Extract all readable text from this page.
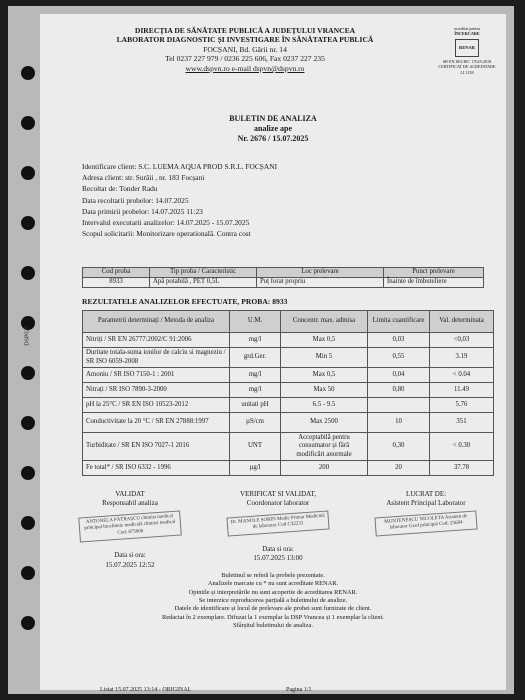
DIRECȚIA DE SĂNĂTATE PUBLICĂ A JUDEȚULUI VRANCEA
LABORATOR DIAGNOSTIC ȘI INVESTIGARE ÎN SĂNĂTATEA PUBLICĂ
FOCȘANI, Bd. Gării nr. 14
Tel 0237 227 979 / 0236 225 606, Fax 0237 227 235
www.dspvn.ro e-mail dspvn@dspvn.ro
acreditat pentru
ÎNCERCARE
RENAR
SR EN ISO/IEC 17025:2018
CERTIFICAT DE ACREDITARE
LI 1158
DSP029
BULETIN DE ANALIZA
analize ape
Nr. 2676 / 15.07.2025
Identificare client: S.C. LUEMA AQUA PROD S.R.L. FOCȘANI
Adresa client: str. Surăii , nr. 183 Focșani
Recoltat de: Tonder Radu
Data recoltarii probelor: 14.07.2025
Data primirii probelor: 14.07.2025 11:23
Intervalul executarii analizelor: 14.07.2025 - 15.07.2025
Scopul solicitarii: Monitorizare operatională. Contra cost
Cod proba	Tip proba / Caracteristic	Loc prelevare	Punct prelevare
8933	Apă potabilă , PET 0,5L	Puț forat propriu	Înainte de îmbuteliere
REZULTATELE ANALIZELOR EFECTUATE, PROBA: 8933
Parametrii determinați / Metoda de analiza	U.M.	Concentr. max. admisa	Limita cuantificare	Val. determinata
Nitriți / SR EN 26777:2002/C 91:2006	mg/l	Max 0,5	0,03	<0,03
Duritate totala-suma ionilor de calciu si magneziu / SR ISO 6059-2008	grd.Ger.	Min 5	0,55	3.19
Amoniu / SR ISO 7150-1 : 2001	mg/l	Max 0,5	0,04	< 0.04
Nitrați / SR ISO 7890-3-2000	mg/l	Max 50	0,80	11.49
pH la 25°C / SR EN ISO 10523-2012	unitati pH	6.5 - 9.5		5.76
Conductivitate la 20 °C / SR EN 27888:1997	µS/cm	Max 2500	10	351
Turbiditate / SR EN ISO 7027-1 2016	UNT	Acceptabilă pentru consumator și fără modificări anormale	0,30	< 0.30
Fe total* / SR ISO 6332 - 1996	µg/l	200	20	37.78
VALIDAT
Responsabil analiza
ANTONELA PĂTRAȘCU chimist medical principal biochimie medicală chimist medical Cod: 875006
Data si ora:
15.07.2025 12:52
VERIFICAT SI VALIDAT,
Coordonator laborator
Dr. MANOLE SORIN Medic Primar Medicină de laborator Cod C32231
Data si ora:
15.07.2025 13:00
LUCRAT DE:
Asistent Principal Laborator
MUNTENESCU NICOLETA Asistent de laborator Grad principal Cod: 25684
Buletinul se referă la probele prezentate.
Analizele marcate cu * nu sunt acreditate RENAR.
Opiniile și interpretările nu sunt acoperite de acreditarea RENAR.
Se interzice reproducerea parțială a buletinului de analize.
Datele de identificare și locul de prelevare ale probei sunt furnizate de client.
Redactat în 2 exemplare. Difuzat la 1 exemplar la DSP Vrancea și 1 exemplar la client.
Sfârșitul buletinului de analiza.
Listat 15.07.2025 13:14 - ORIGINAL	Pagina 1/1
